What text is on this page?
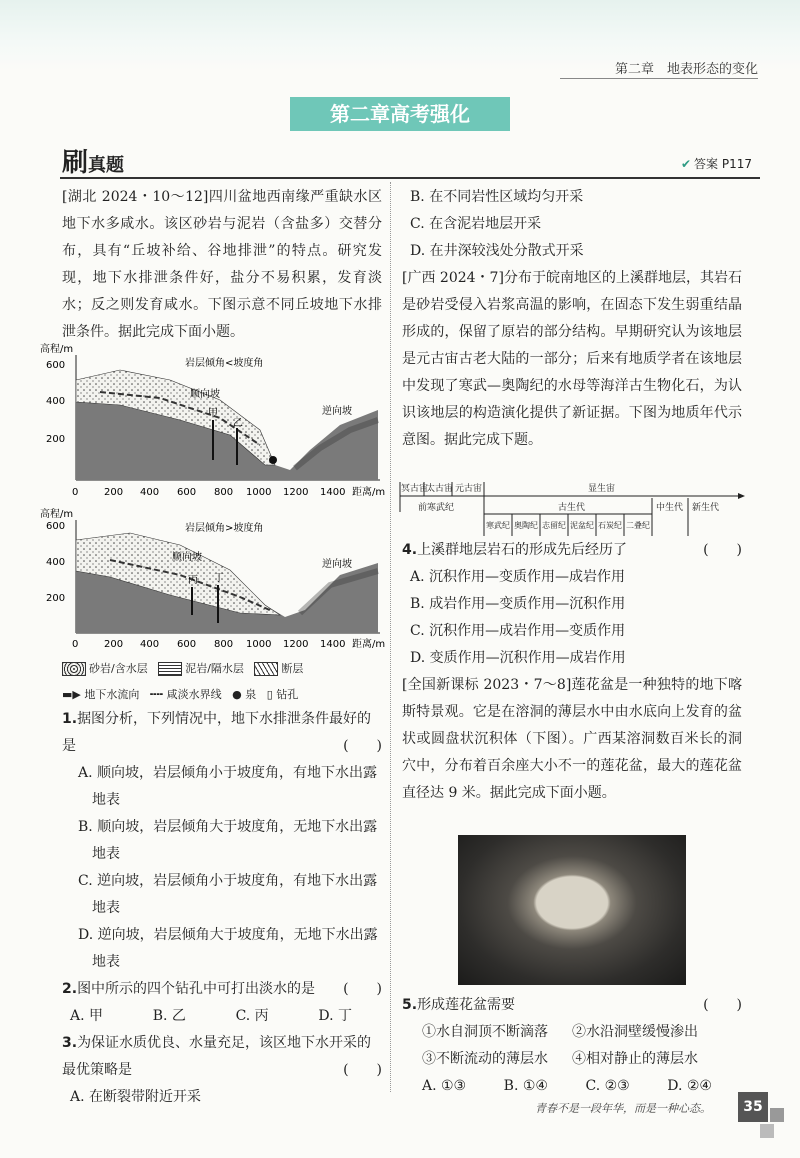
第二章　地表形态的变化
第二章高考强化
刷真题	✔ 答案 P117

[湖北 2024・10～12]四川盆地西南缘严重缺水区地下水多咸水。该区砂岩与泥岩（含盐多）交替分布，具有“丘坡补给、谷地排泄”的特点。研究发现，地下水排泄条件好，盐分不易积累，发育淡水；反之则发育咸水。下图示意不同丘坡地下水排泄条件。据此完成下面小题。

高程/m
岩层倾角<坡度角
600
400
200
甲
乙
顺向坡
逆向坡
0	200 400 600 800 1000 1200 1400 距离/m
高程/m
岩层倾角>坡度角
600
400
200
丙 丁
顺向坡
逆向坡
0	200 400 600 800 1000 1200 1400 距离/m
砂岩/含水层	泥岩/隔水层	断层
▬▶ 地下水流向 ╍╍ 咸淡水界线 ● 泉 ▯ 钻孔

1.据图分析，下列情况中，地下水排泄条件最好的是	(　　)

A. 顺向坡，岩层倾角小于坡度角，有地下水出露地表

B. 顺向坡，岩层倾角大于坡度角，无地下水出露地表

C. 逆向坡，岩层倾角小于坡度角，有地下水出露地表

D. 逆向坡，岩层倾角大于坡度角，无地下水出露地表

2.图中所示的四个钻孔中可打出淡水的是 (　　)

A. 甲	B. 乙	C. 丙	D. 丁

3.为保证水质优良、水量充足，该区地下水开采的最优策略是	(　　)

A. 在断裂带附近开采

B. 在不同岩性区域均匀开采

C. 在含泥岩地层开采

D. 在井深较浅处分散式开采

[广西 2024・7]分布于皖南地区的上溪群地层，其岩石是砂岩受侵入岩浆高温的影响，在固态下发生弱重结晶形成的，保留了原岩的部分结构。早期研究认为该地层是元古宙古老大陆的一部分；后来有地质学者在该地层中发现了寒武—奥陶纪的水母等海洋古生物化石，为认识该地层的构造演化提供了新证据。下图为地质年代示意图。据此完成下题。

冥古宙
太古宙 元古宙	显生宙
前寒武纪	古生代	中生代 新生代
寒武纪 奥陶纪 志留纪 泥盆纪 石炭纪 二叠纪

4.上溪群地层岩石的形成先后经历了	(　　)

A. 沉积作用—变质作用—成岩作用

B. 成岩作用—变质作用—沉积作用

C. 沉积作用—成岩作用—变质作用

D. 变质作用—沉积作用—成岩作用

[全国新课标 2023・7～8]莲花盆是一种独特的地下喀斯特景观。它是在溶洞的薄层水中由水底向上发育的盆状或圆盘状沉积体（下图）。广西某溶洞数百米长的洞穴中，分布着百余座大小不一的莲花盆，最大的莲花盆直径达 9 米。据此完成下面小题。

5.形成莲花盆需要	(　　)

①水自洞顶不断滴落	②水沿洞壁缓慢渗出
③不断流动的薄层水	④相对静止的薄层水
A. ①③	B. ①④	C. ②③	D. ②④
青春不是一段年华，而是一种心态。	35
